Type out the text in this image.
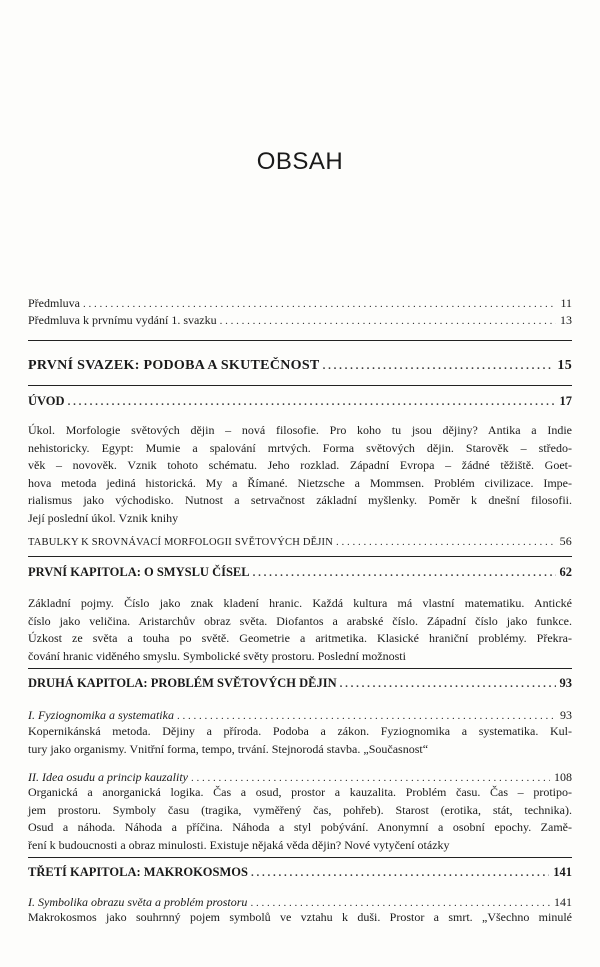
OBSAH
Předmluva . . .	11
Předmluva k prvnímu vydání 1. svazku . . .	13
PRVNÍ SVAZEK: PODOBA A SKUTEČNOST . . .	15
ÚVOD . . .	17
Úkol. Morfologie světových dějin – nová filosofie. Pro koho tu jsou dějiny? Antika a Indie
nehistoricky. Egypt: Mumie a spalování mrtvých. Forma světových dějin. Starověk – středo-
věk – novověk. Vznik tohoto schématu. Jeho rozklad. Západní Evropa – žádné těžiště. Goet-
hova metoda jediná historická. My a Římané. Nietzsche a Mommsen. Problém civilizace. Impe-
rialismus jako východisko. Nutnost a setrvačnost základní myšlenky. Poměr k dnešní filosofii.
Její poslední úkol. Vznik knihy
TABULKY K SROVNÁVACÍ MORFOLOGII SVĚTOVÝCH DĚJIN . . .	56
PRVNÍ KAPITOLA: O SMYSLU ČÍSEL . . .	62
Základní pojmy. Číslo jako znak kladení hranic. Každá kultura má vlastní matematiku. Antické
číslo jako veličina. Aristarchův obraz světa. Diofantos a arabské číslo. Západní číslo jako funkce.
Úzkost ze světa a touha po světě. Geometrie a aritmetika. Klasické hraniční problémy. Překra-
čování hranic viděného smyslu. Symbolické světy prostoru. Poslední možnosti
DRUHÁ KAPITOLA: PROBLÉM SVĚTOVÝCH DĚJIN . . .	93
I. Fyziognomika a systematika . . .	93
Kopernikánská metoda. Dějiny a příroda. Podoba a zákon. Fyziognomika a systematika. Kul-
tury jako organismy. Vnitřní forma, tempo, trvání. Stejnorodá stavba. „Současnost“
II. Idea osudu a princip kauzality . . .	108
Organická a anorganická logika. Čas a osud, prostor a kauzalita. Problém času. Čas – protipo-
jem prostoru. Symboly času (tragika, vyměřený čas, pohřeb). Starost (erotika, stát, technika).
Osud a náhoda. Náhoda a příčina. Náhoda a styl pobývání. Anonymní a osobní epochy. Zamě-
ření k budoucnosti a obraz minulosti. Existuje nějaká věda dějin? Nové vytyčení otázky
TŘETÍ KAPITOLA: MAKROKOSMOS . . .	141
I. Symbolika obrazu světa a problém prostoru . . .	141
Makrokosmos jako souhrnný pojem symbolů ve vztahu k duši. Prostor a smrt. „Všechno minulé
